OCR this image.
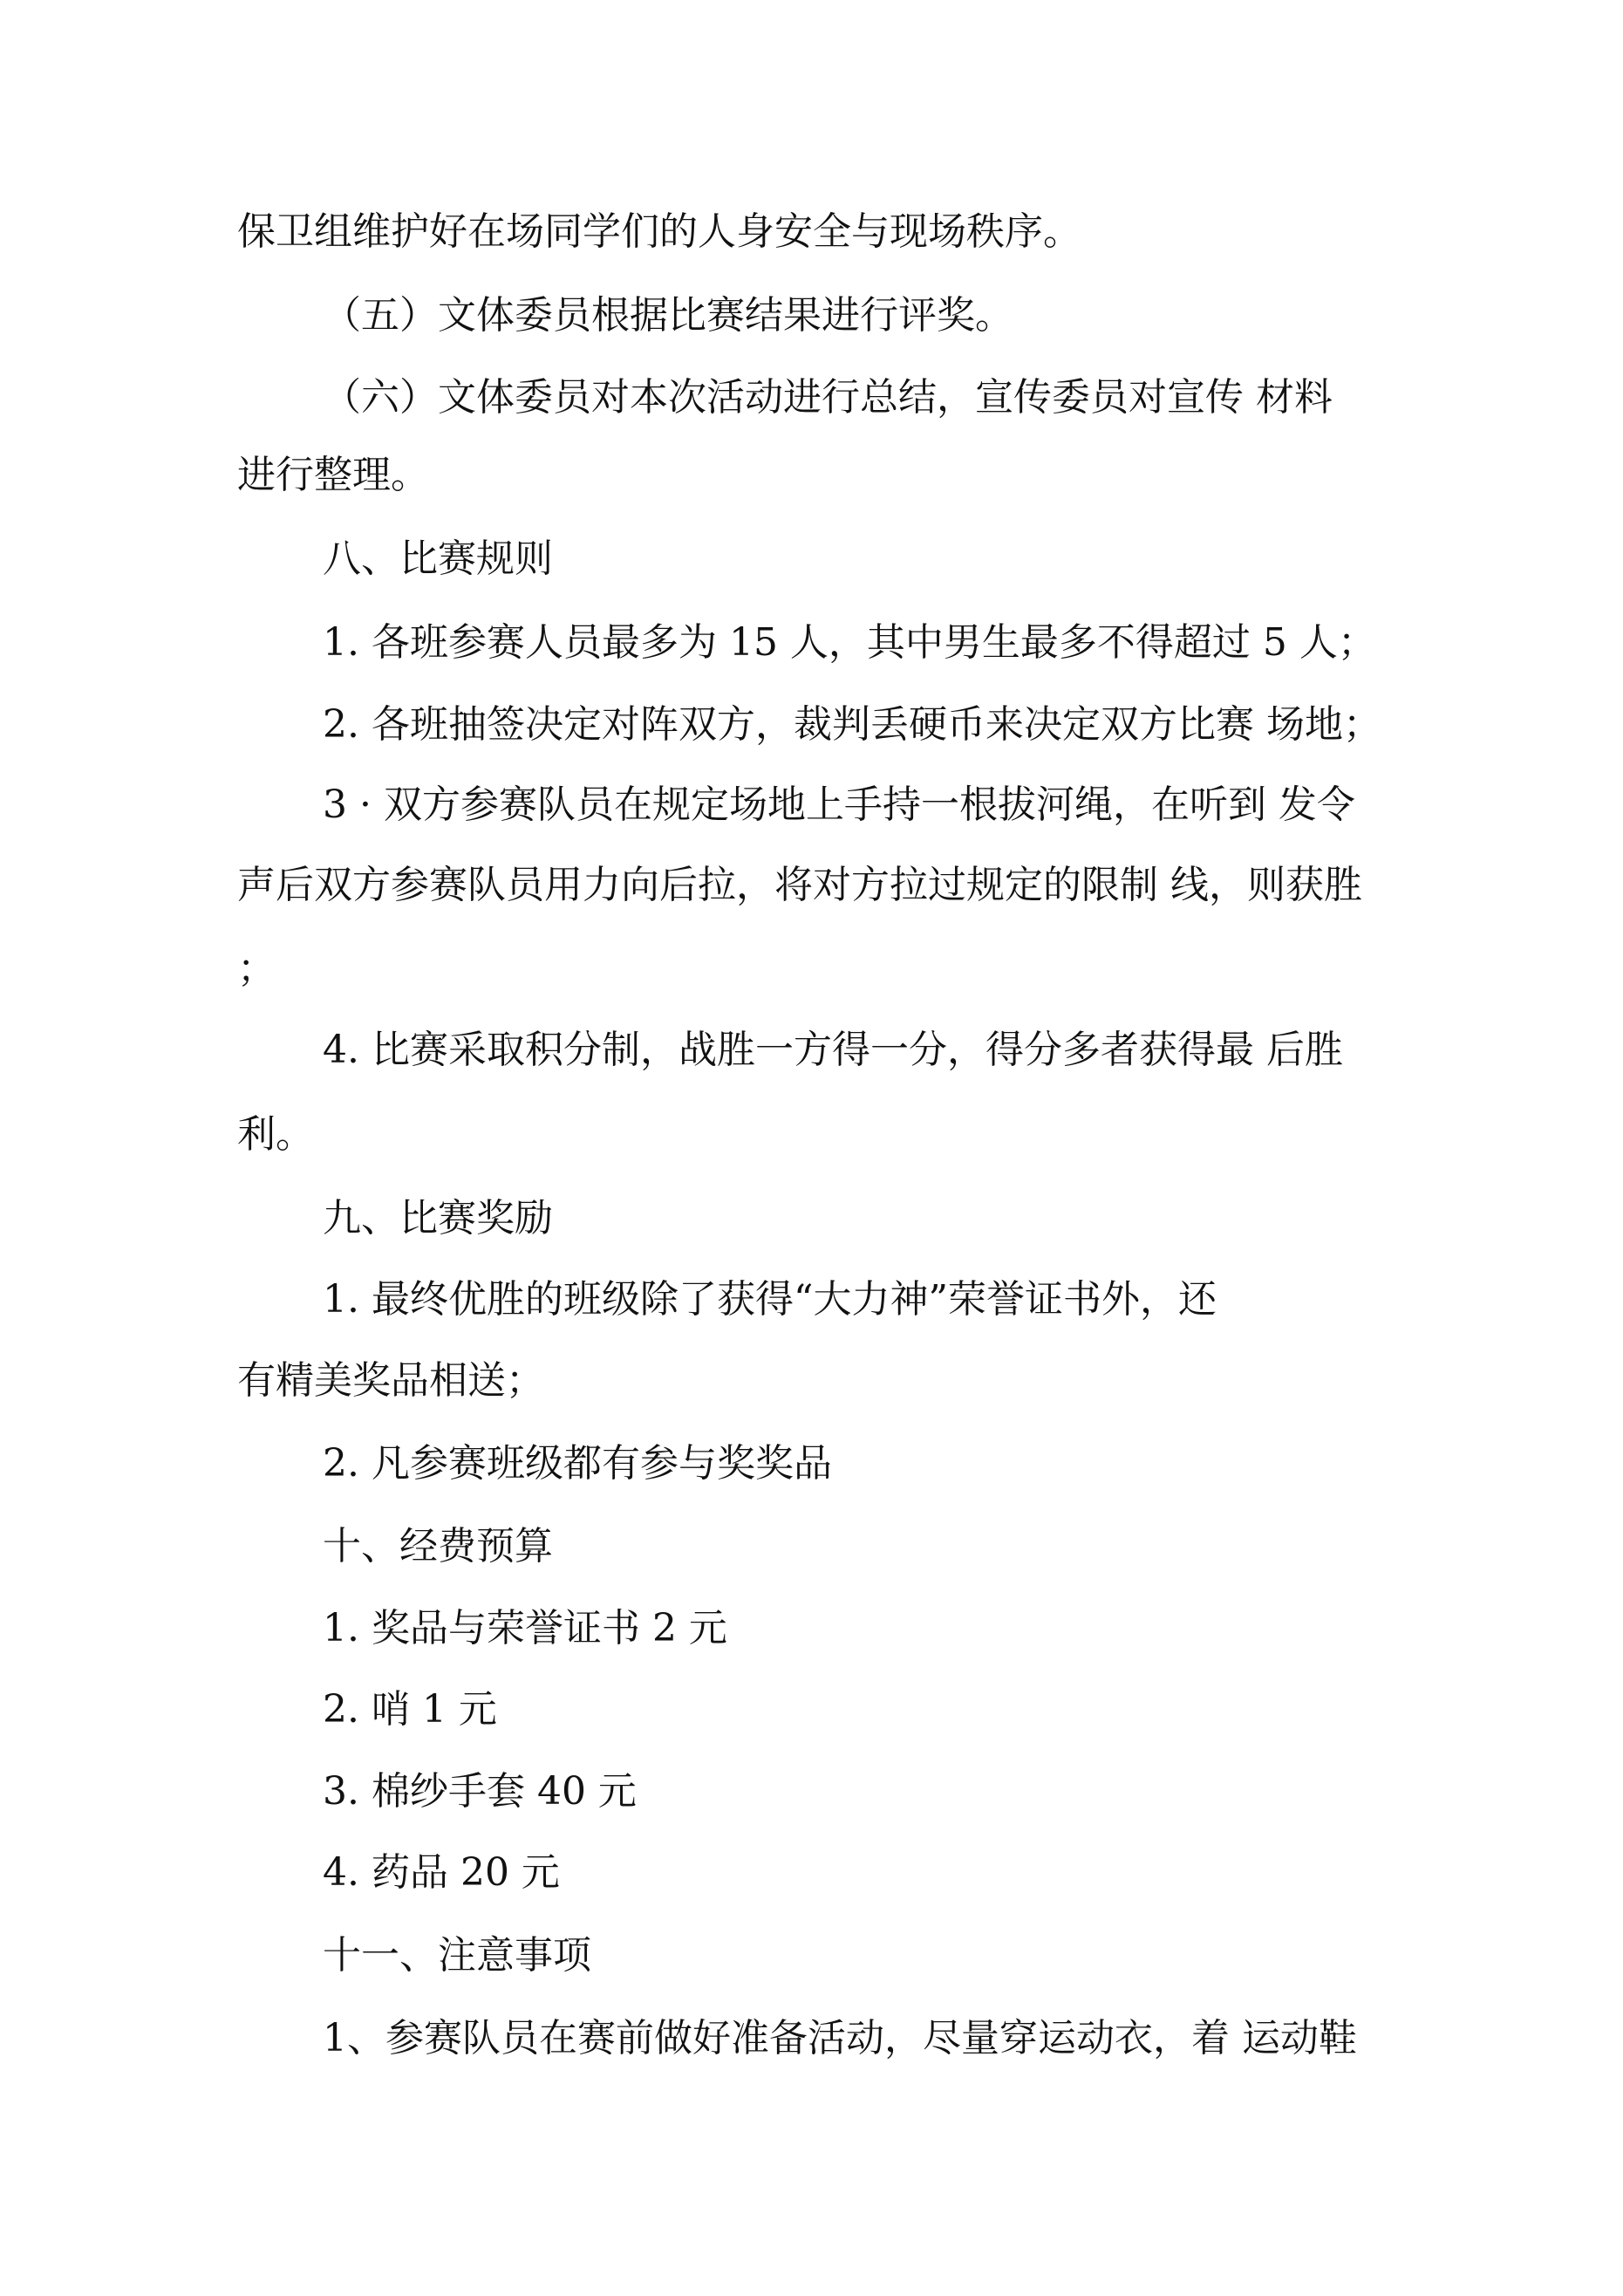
保卫组维护好在场同学们的人身安全与现场秩序。
（五）文体委员根据比赛结果进行评奖。
（六）文体委员对本次活动进行总结，宣传委员对宣传 材料
进行整理。
八、比赛规则
1. 各班参赛人员最多为 15 人，其中男生最多不得超过 5 人；
2. 各班抽签决定对阵双方，裁判丢硬币来决定双方比赛 场地；
3 · 双方参赛队员在规定场地上手持一根拔河绳，在听到 发令
声后双方参赛队员用力向后拉，将对方拉过规定的限制 线，则获胜
；
4. 比赛采取积分制，战胜一方得一分，得分多者获得最 后胜
利。
九、比赛奖励
1. 最终优胜的班级除了获得“大力神”荣誉证书外，还
有精美奖品相送；
2. 凡参赛班级都有参与奖奖品
十、经费预算
1. 奖品与荣誉证书 2 元
2. 哨 1 元
3. 棉纱手套 40 元
4. 药品 20 元
十一、注意事项
1、参赛队员在赛前做好准备活动，尽量穿运动衣，着 运动鞋
